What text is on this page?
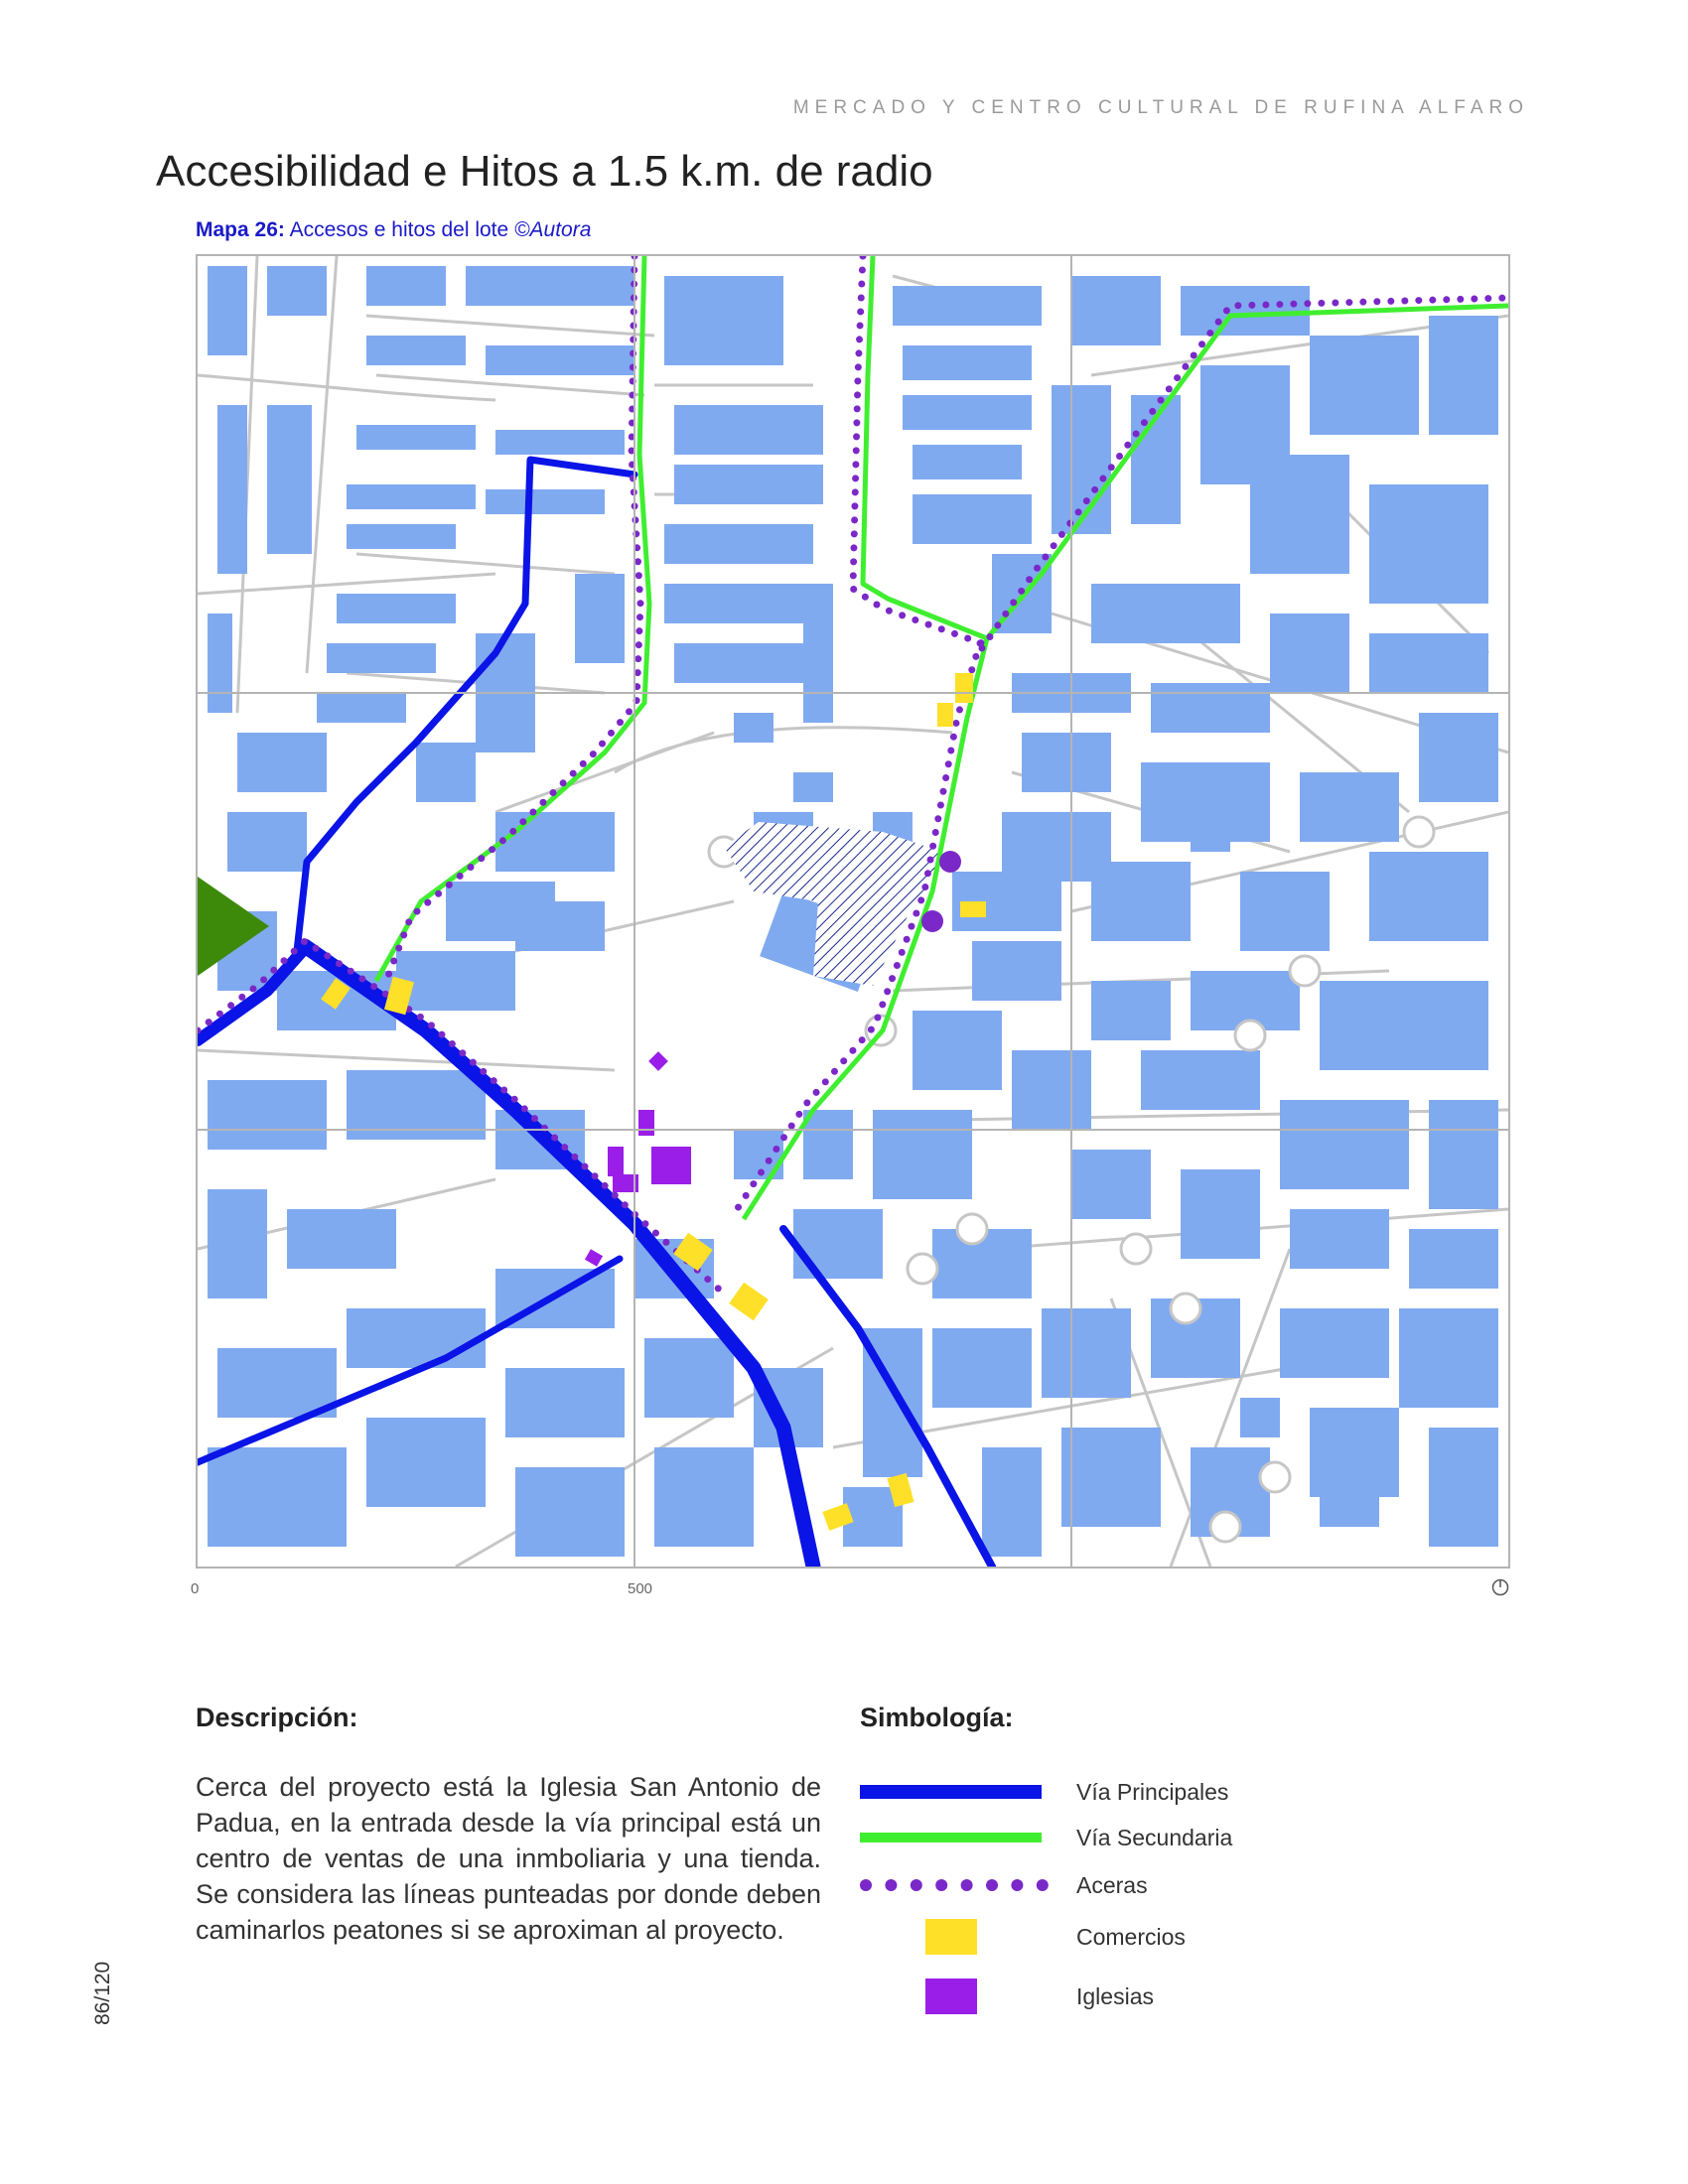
MERCADO Y CENTRO CULTURAL DE RUFINA ALFARO
Accesibilidad e Hitos a 1.5 k.m. de radio
Mapa 26: Accesos e hitos del lote ©Autora
0	500
Descripción:

Cerca del proyecto está la Iglesia San Antonio de Padua, en la entrada desde la vía principal está un centro de ventas de una inmboliaria y una tienda. Se considera las líneas punteadas por donde deben caminarlos peatones si se aproximan al proyecto.

Simbología:
Vía Principales
Vía Secundaria
Aceras
Comercios
Iglesias
86/120
